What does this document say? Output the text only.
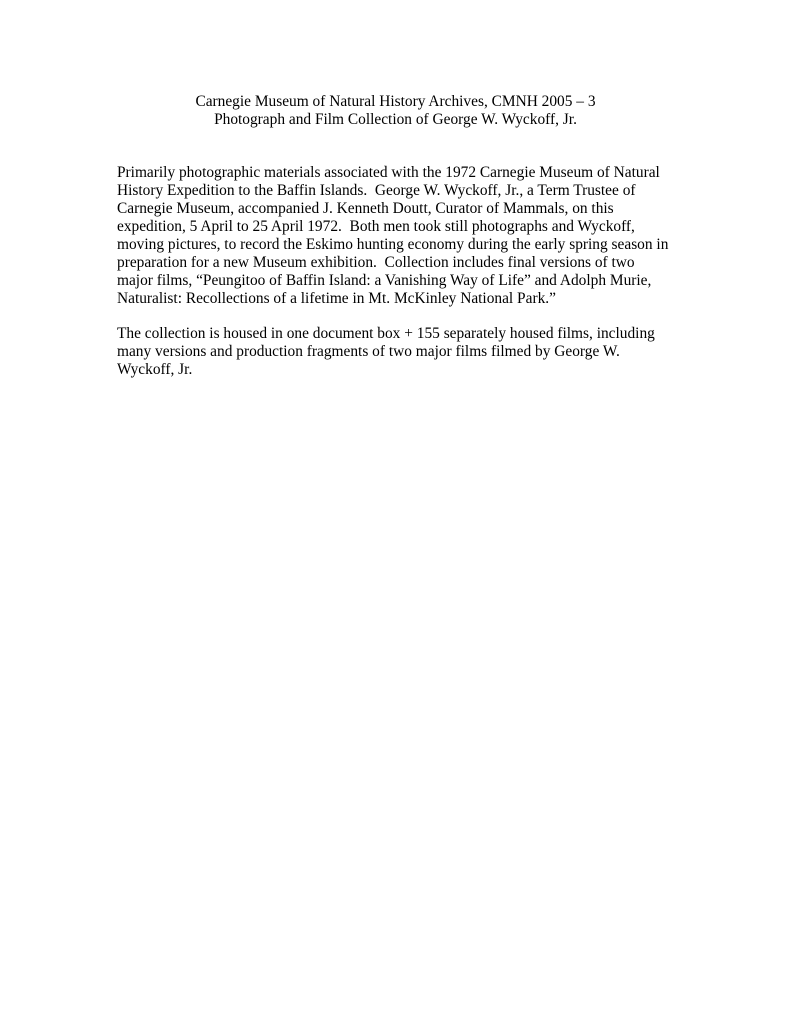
Carnegie Museum of Natural History Archives, CMNH 2005 – 3
Photograph and Film Collection of George W. Wyckoff, Jr.
Primarily photographic materials associated with the 1972 Carnegie Museum of Natural
History Expedition to the Baffin Islands.  George W. Wyckoff, Jr., a Term Trustee of
Carnegie Museum, accompanied J. Kenneth Doutt, Curator of Mammals, on this
expedition, 5 April to 25 April 1972.  Both men took still photographs and Wyckoff,
moving pictures, to record the Eskimo hunting economy during the early spring season in
preparation for a new Museum exhibition.  Collection includes final versions of two
major films, “Peungitoo of Baffin Island: a Vanishing Way of Life” and Adolph Murie,
Naturalist: Recollections of a lifetime in Mt. McKinley National Park.”
The collection is housed in one document box + 155 separately housed films, including
many versions and production fragments of two major films filmed by George W.
Wyckoff, Jr.
